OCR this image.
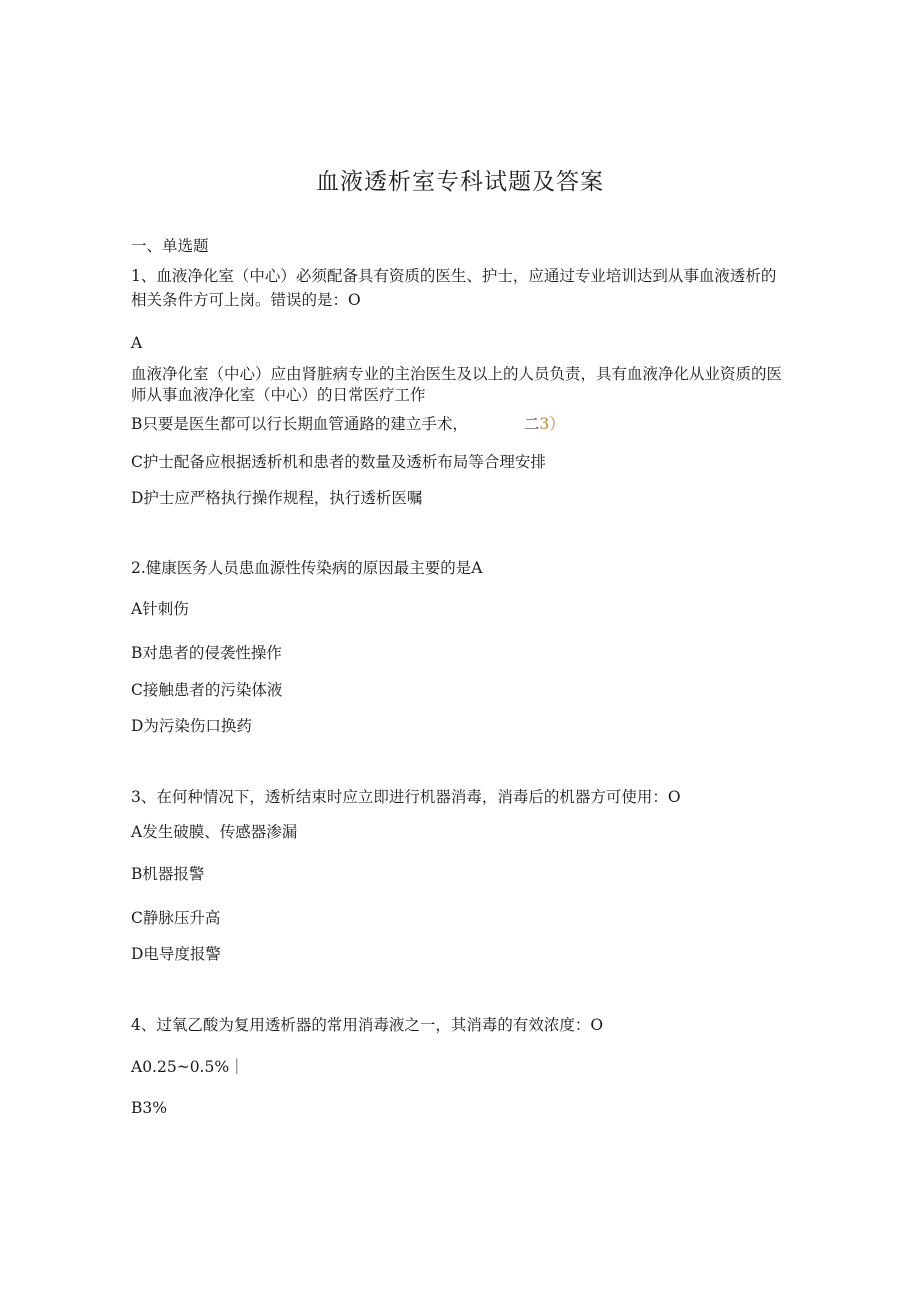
血液透析室专科试题及答案
一、单选题
1、血液净化室（中心）必须配备具有资质的医生、护士，应通过专业培训达到从事血液透析的相关条件方可上岗。错误的是：O
A
血液净化室（中心）应由肾脏病专业的主治医生及以上的人员负责，具有血液净化从业资质的医师从事血液净化室（中心）的日常医疗工作
B只要是医生都可以行长期血管通路的建立手术，	二3）
C护士配备应根据透析机和患者的数量及透析布局等合理安排
D护士应严格执行操作规程，执行透析医嘱
2.健康医务人员患血源性传染病的原因最主要的是A
A针刺伤
B对患者的侵袭性操作
C接触患者的污染体液
D为污染伤口换药
3、在何种情况下，透析结束时应立即进行机器消毒，消毒后的机器方可使用：O
A发生破膜、传感器渗漏
B机器报警
C静脉压升高
D电导度报警
4、过氧乙酸为复用透析器的常用消毒液之一，其消毒的有效浓度：O
A0.25~0.5%｜
B3%
